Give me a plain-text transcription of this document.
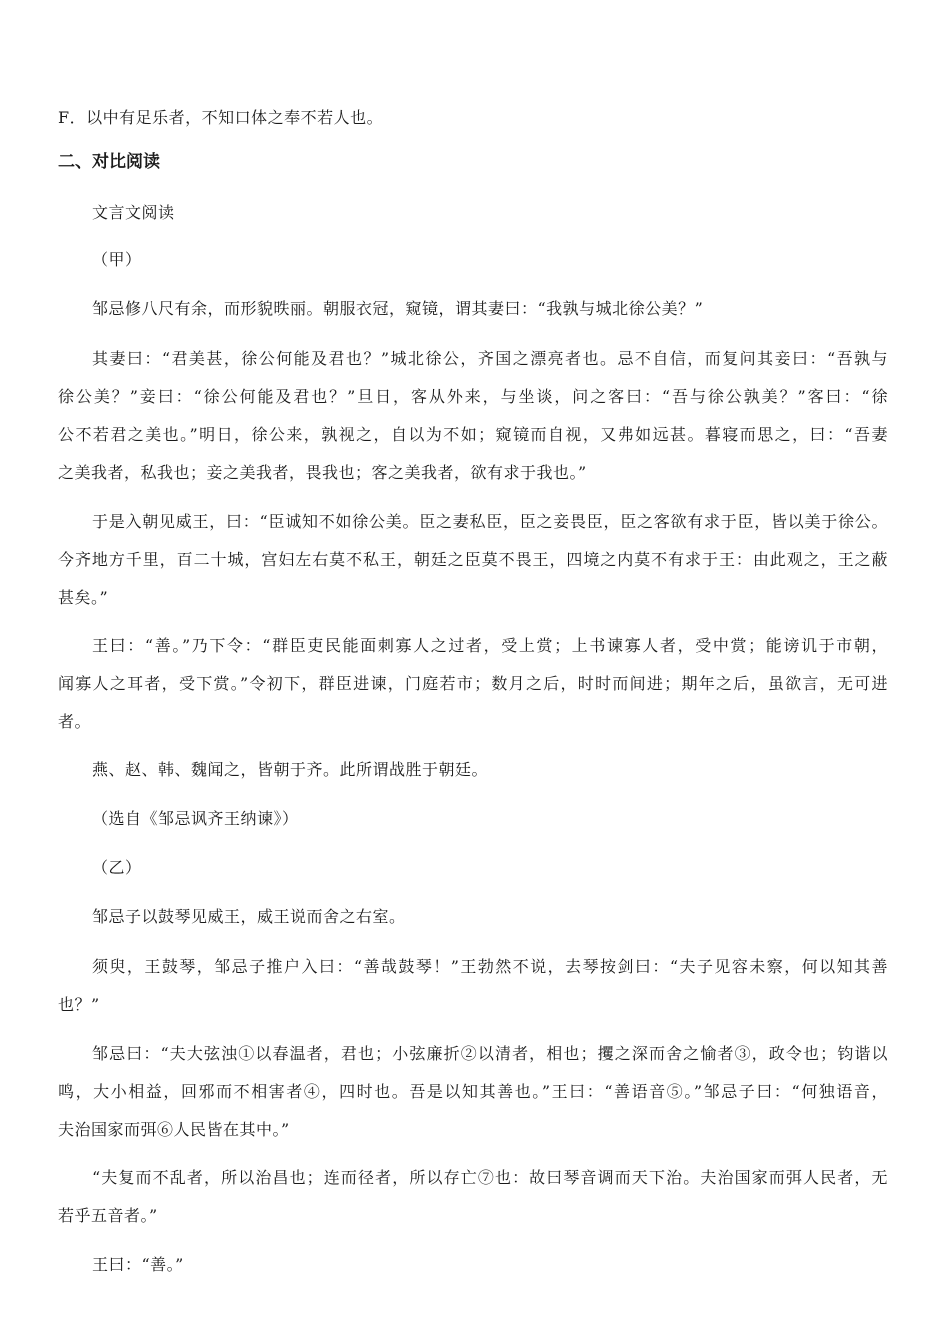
F．以中有足乐者，不知口体之奉不若人也。

二、对比阅读

文言文阅读

（甲）

邹忌修八尺有余，而形貌昳丽。朝服衣冠，窥镜，谓其妻曰：“我孰与城北徐公美？”

其妻曰：“君美甚，徐公何能及君也？”城北徐公，齐国之漂亮者也。忌不自信，而复问其妾曰：“吾孰与

徐公美？”妾曰：“徐公何能及君也？”旦日，客从外来，与坐谈，问之客曰：“吾与徐公孰美？”客曰：“徐

公不若君之美也。”明日，徐公来，孰视之，自以为不如；窥镜而自视，又弗如远甚。暮寝而思之，曰：“吾妻

之美我者，私我也；妾之美我者，畏我也；客之美我者，欲有求于我也。”

于是入朝见威王，曰：“臣诚知不如徐公美。臣之妻私臣，臣之妾畏臣，臣之客欲有求于臣，皆以美于徐公。

今齐地方千里，百二十城，宫妇左右莫不私王，朝廷之臣莫不畏王，四境之内莫不有求于王：由此观之，王之蔽

甚矣。”

王曰：“善。”乃下令：“群臣吏民能面刺寡人之过者，受上赏；上书谏寡人者，受中赏；能谤讥于市朝，

闻寡人之耳者，受下赏。”令初下，群臣进谏，门庭若市；数月之后，时时而间进；期年之后，虽欲言，无可进

者。

燕、赵、韩、魏闻之，皆朝于齐。此所谓战胜于朝廷。

（选自《邹忌讽齐王纳谏》）

（乙）

邹忌子以鼓琴见威王，威王说而舍之右室。

须臾，王鼓琴，邹忌子推户入曰：“善哉鼓琴！”王勃然不说，去琴按剑曰：“夫子见容未察，何以知其善

也？”

邹忌曰：“夫大弦浊①以春温者，君也；小弦廉折②以清者，相也；攫之深而舍之愉者③，政令也；钧谐以

鸣，大小相益，回邪而不相害者④，四时也。吾是以知其善也。”王曰：“善语音⑤。”邹忌子曰：“何独语音，

夫治国家而弭⑥人民皆在其中。”

“夫复而不乱者，所以治昌也；连而径者，所以存亡⑦也：故曰琴音调而天下治。夫治国家而弭人民者，无

若乎五音者。”

王曰：“善。”
